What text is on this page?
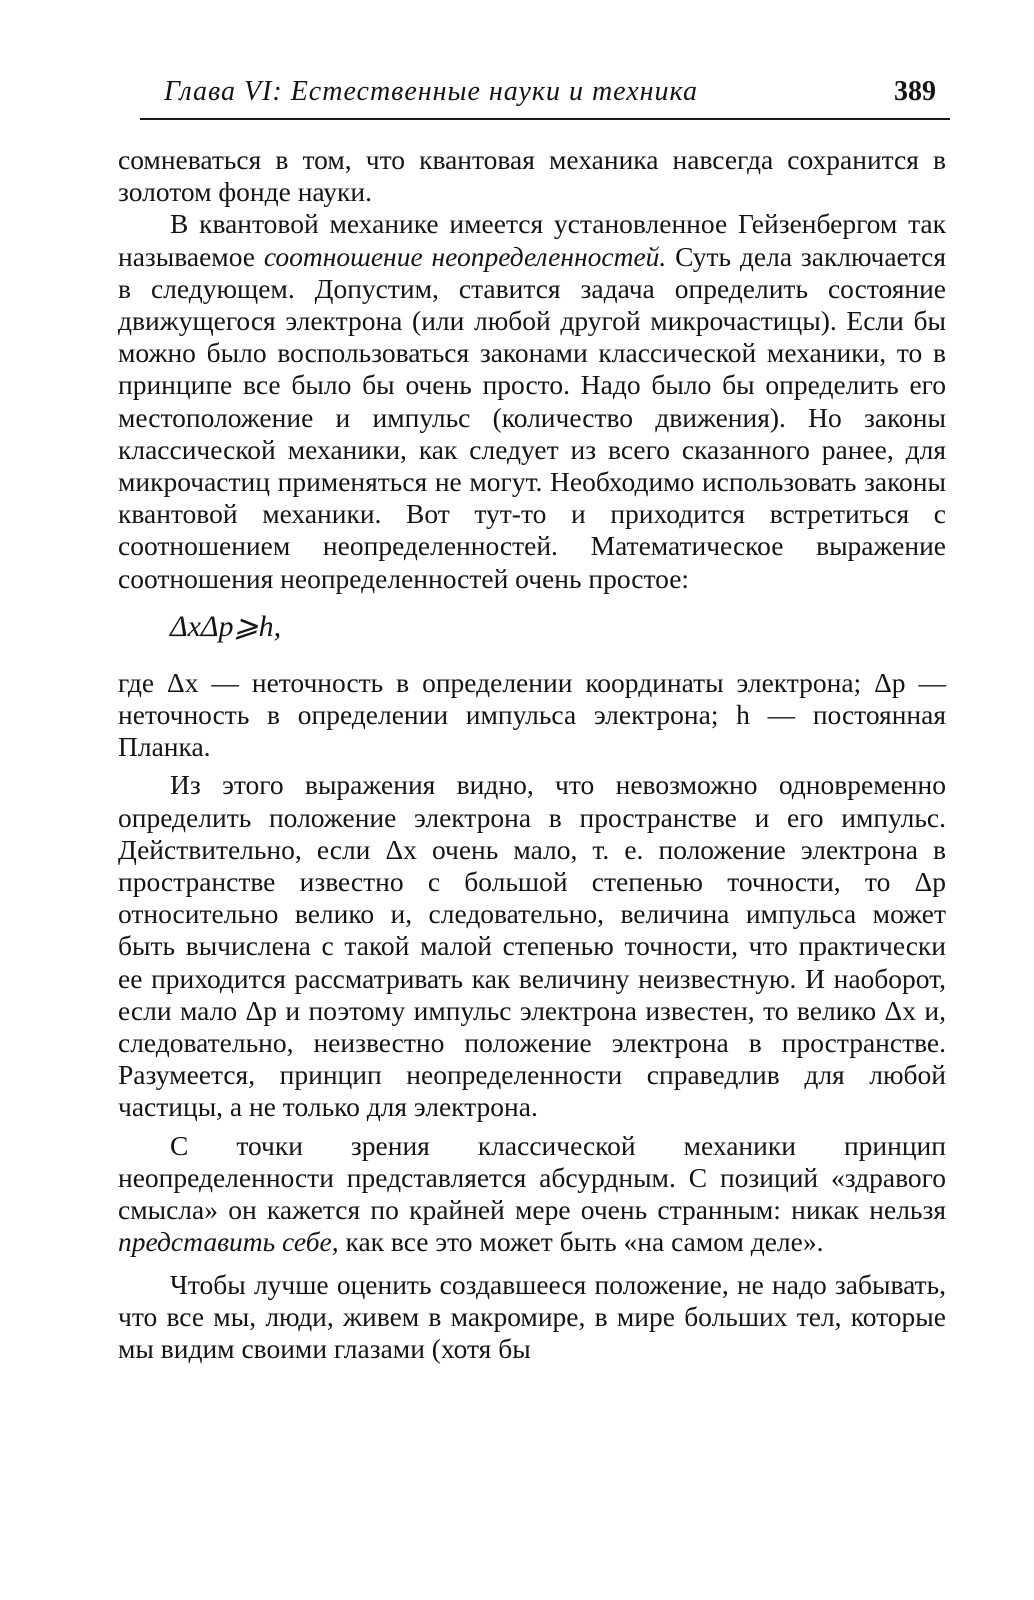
Глава VI: Естественные науки и техника	389

сомневаться в том, что квантовая механика навсегда сохранится в золотом фонде науки.

В квантовой механике имеется установленное Гейзенбергом так называемое соотношение неопределенностей. Суть дела заключается в следующем. Допустим, ставится задача определить состояние движущегося электрона (или любой другой микрочастицы). Если бы можно было воспользоваться законами классической механики, то в принципе все было бы очень просто. Надо было бы определить его местоположение и импульс (количество движения). Но законы классической механики, как следует из всего сказанного ранее, для микрочастиц применяться не могут. Необходимо использовать законы квантовой механики. Вот тут-то и приходится встретиться с соотношением неопределенностей. Математическое выражение соотношения неопределенностей очень простое:

ΔxΔp⩾h,

где Δx — неточность в определении координаты электрона; Δp — неточность в определении импульса электрона; h — постоянная Планка.

Из этого выражения видно, что невозможно одновременно определить положение электрона в пространстве и его импульс. Действительно, если Δx очень мало, т. е. положение электрона в пространстве известно с большой степенью точности, то Δp относительно велико и, следовательно, величина импульса может быть вычислена с такой малой степенью точности, что практически ее приходится рассматривать как величину неизвестную. И наоборот, если мало Δp и поэтому импульс электрона известен, то велико Δx и, следовательно, неизвестно положение электрона в пространстве. Разумеется, принцип неопределенности справедлив для любой частицы, а не только для электрона.

С точки зрения классической механики принцип неопределенности представляется абсурдным. С позиций «здравого смысла» он кажется по крайней мере очень странным: никак нельзя представить себе, как все это может быть «на самом деле».

Чтобы лучше оценить создавшееся положение, не надо забывать, что все мы, люди, живем в макромире, в мире больших тел, которые мы видим своими глазами (хотя бы
